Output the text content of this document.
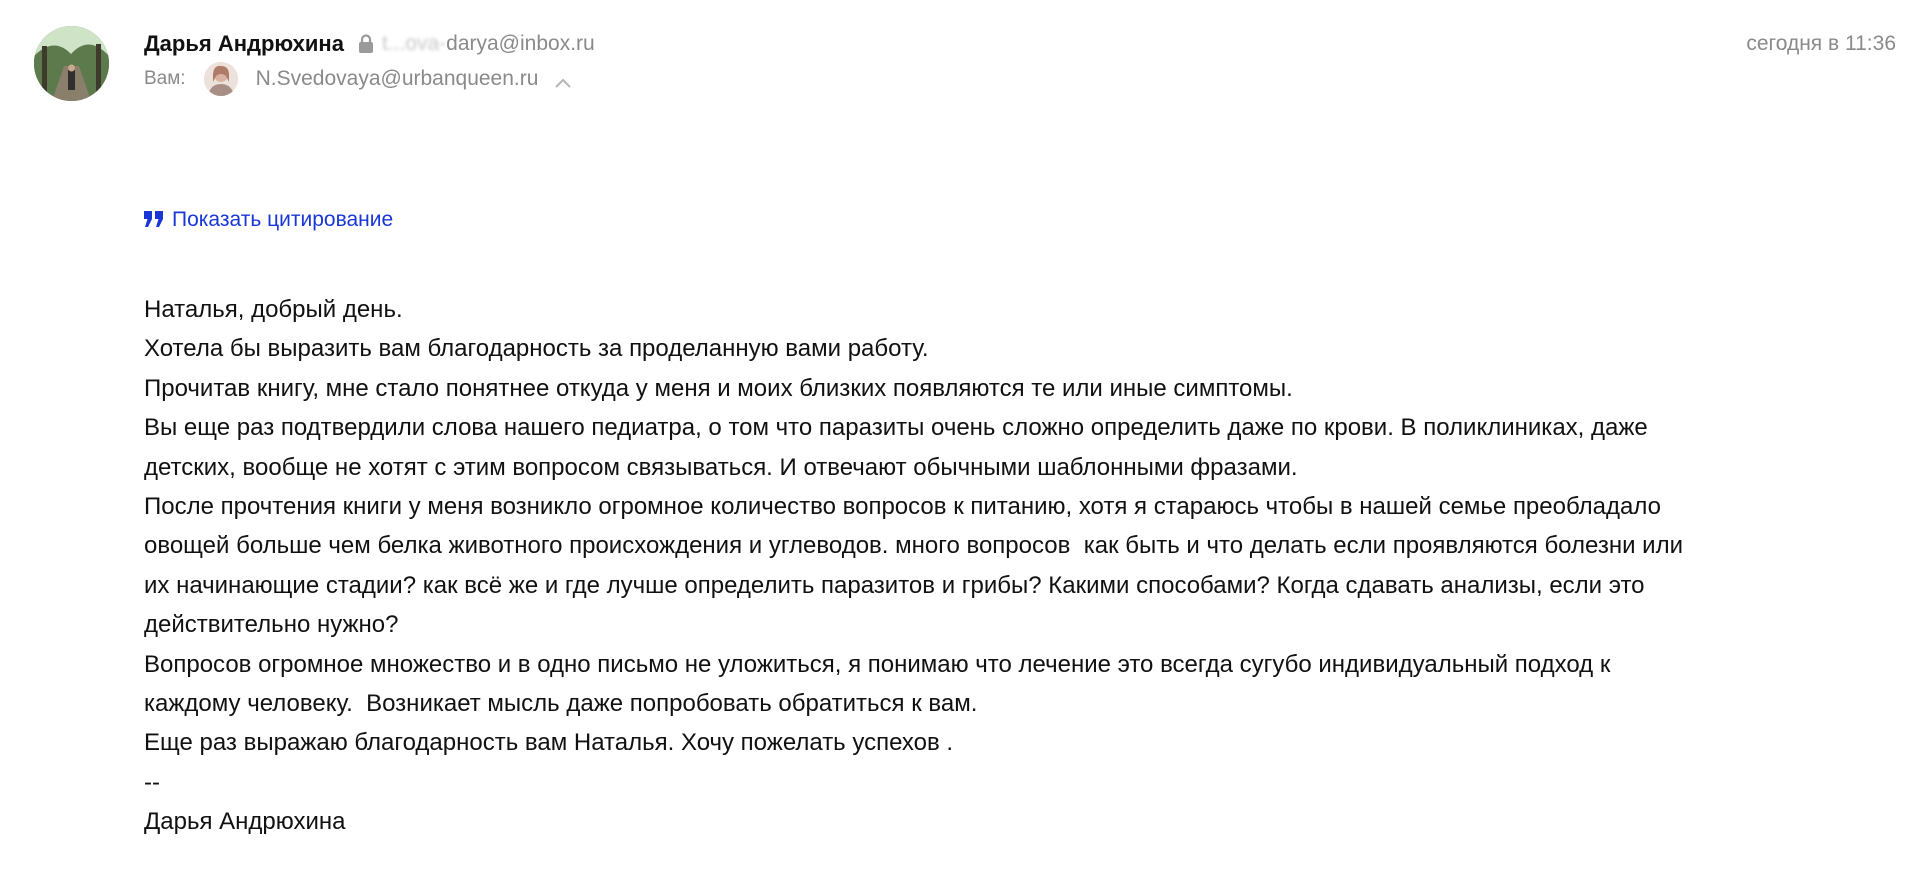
Дарья Андрюхина t...ova-darya@inbox.ru
Вам:	N.Svedovaya@urbanqueen.ru
сегодня в 11:36
Показать цитирование
Наталья, добрый день.
Хотела бы выразить вам благодарность за проделанную вами работу.
Прочитав книгу, мне стало понятнее откуда у меня и моих близких появляются те или иные симптомы.
Вы еще раз подтвердили слова нашего педиатра, о том что паразиты очень сложно определить даже по крови. В поликлиниках, даже
детских, вообще не хотят с этим вопросом связываться. И отвечают обычными шаблонными фразами.
После прочтения книги у меня возникло огромное количество вопросов к питанию, хотя я стараюсь чтобы в нашей семье преобладало
овощей больше чем белка животного происхождения и углеводов. много вопросов  как быть и что делать если проявляются болезни или
их начинающие стадии? как всё же и где лучше определить паразитов и грибы? Какими способами? Когда сдавать анализы, если это
действительно нужно?
Вопросов огромное множество и в одно письмо не уложиться, я понимаю что лечение это всегда сугубо индивидуальный подход к
каждому человеку.  Возникает мысль даже попробовать обратиться к вам.
Еще раз выражаю благодарность вам Наталья. Хочу пожелать успехов .
--
Дарья Андрюхина
